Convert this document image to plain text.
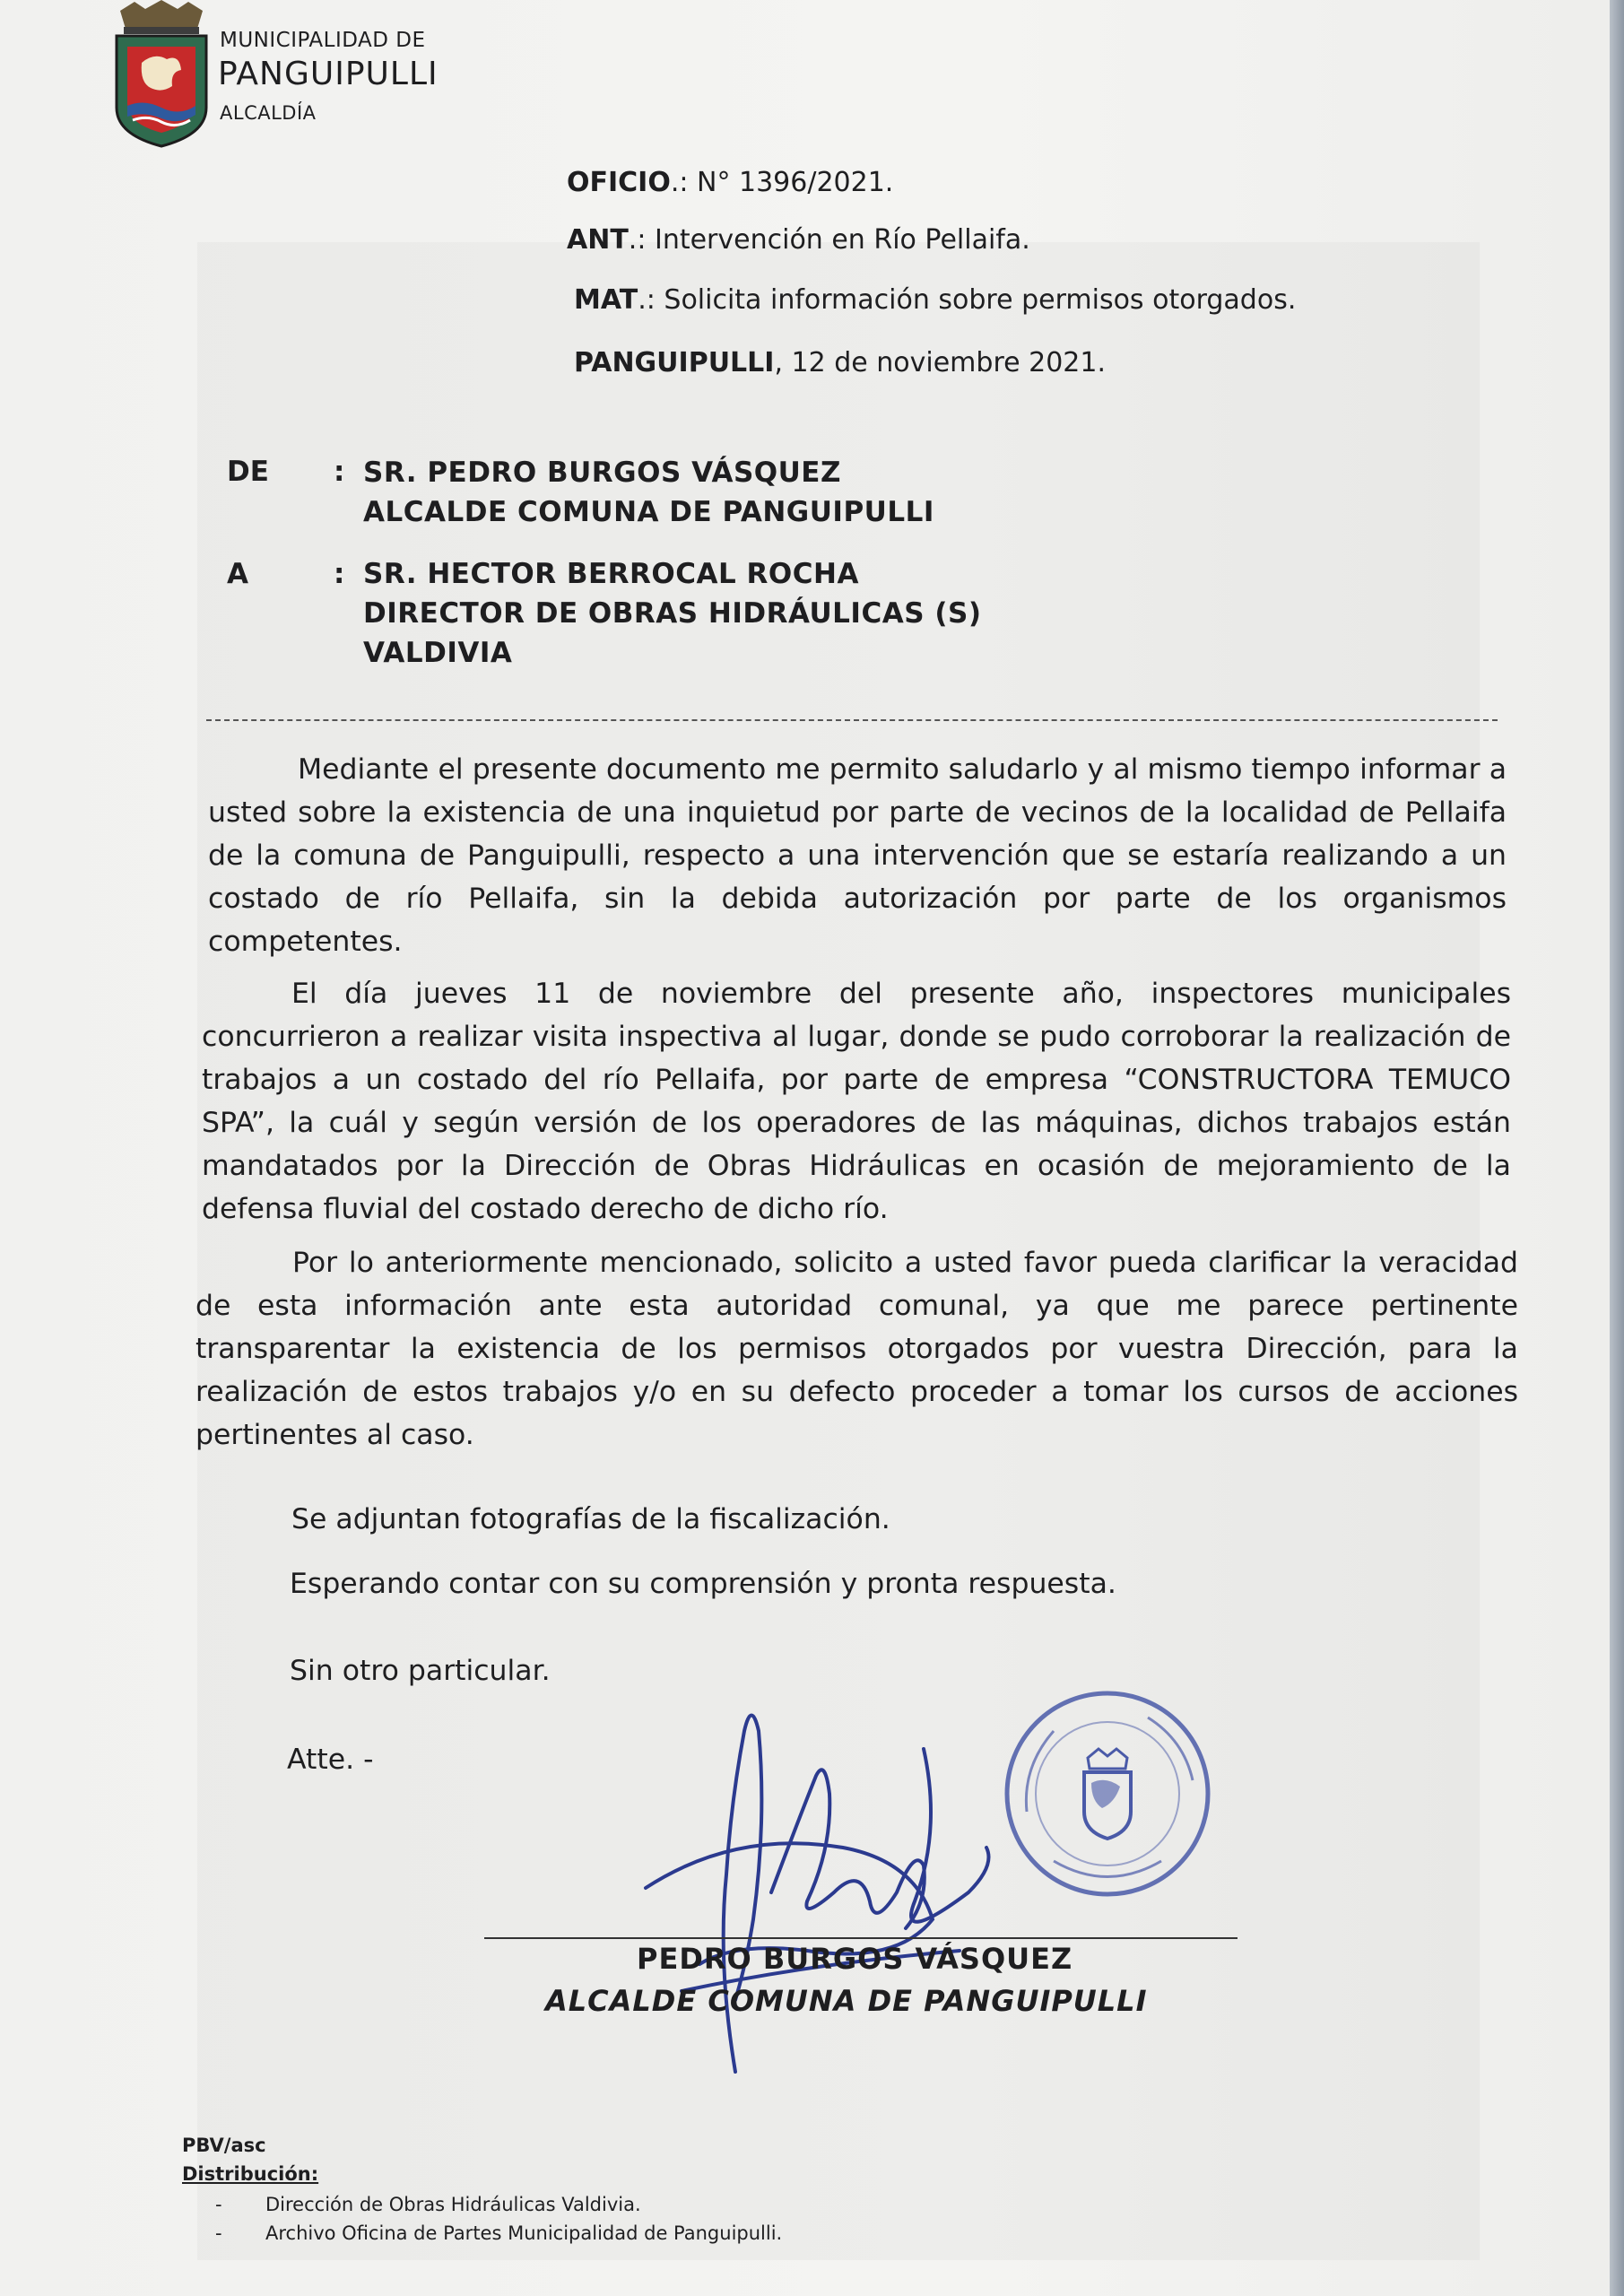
MUNICIPALIDAD DE
PANGUIPULLI
ALCALDÍA
OFICIO.: N° 1396/2021.
ANT.: Intervención en Río Pellaifa.
MAT.: Solicita información sobre permisos otorgados.
PANGUIPULLI, 12 de noviembre 2021.
DE : SR. PEDRO BURGOS VÁSQUEZ
ALCALDE COMUNA DE PANGUIPULLI
A	: SR. HECTOR BERROCAL ROCHA
DIRECTOR DE OBRAS HIDRÁULICAS (S)
VALDIVIA
Mediante el presente documento me permito saludarlo y al mismo tiempo informar a usted sobre la existencia de una inquietud por parte de vecinos de la localidad de Pellaifa de la comuna de Panguipulli, respecto a una intervención que se estaría realizando a un costado de río Pellaifa, sin la debida autorización por parte de los organismos competentes.
El día jueves 11 de noviembre del presente año, inspectores municipales concurrieron a realizar visita inspectiva al lugar, donde se pudo corroborar la realización de trabajos a un costado del río Pellaifa, por parte de empresa “CONSTRUCTORA TEMUCO SPA”, la cuál y según versión de los operadores de las máquinas, dichos trabajos están mandatados por la Dirección de Obras Hidráulicas en ocasión de mejoramiento de la defensa fluvial del costado derecho de dicho río.
Por lo anteriormente mencionado, solicito a usted favor pueda clarificar la veracidad de esta información ante esta autoridad comunal, ya que me parece pertinente transparentar la existencia de los permisos otorgados por vuestra Dirección, para la realización de estos trabajos y/o en su defecto proceder a tomar los cursos de acciones pertinentes al caso.
Se adjuntan fotografías de la fiscalización.
Esperando contar con su comprensión y pronta respuesta.
Sin otro particular.
Atte. -
PEDRO BURGOS VÁSQUEZ
ALCALDE COMUNA DE PANGUIPULLI
PBV/asc
Distribución:
- Dirección de Obras Hidráulicas Valdivia.
- Archivo Oficina de Partes Municipalidad de Panguipulli.
